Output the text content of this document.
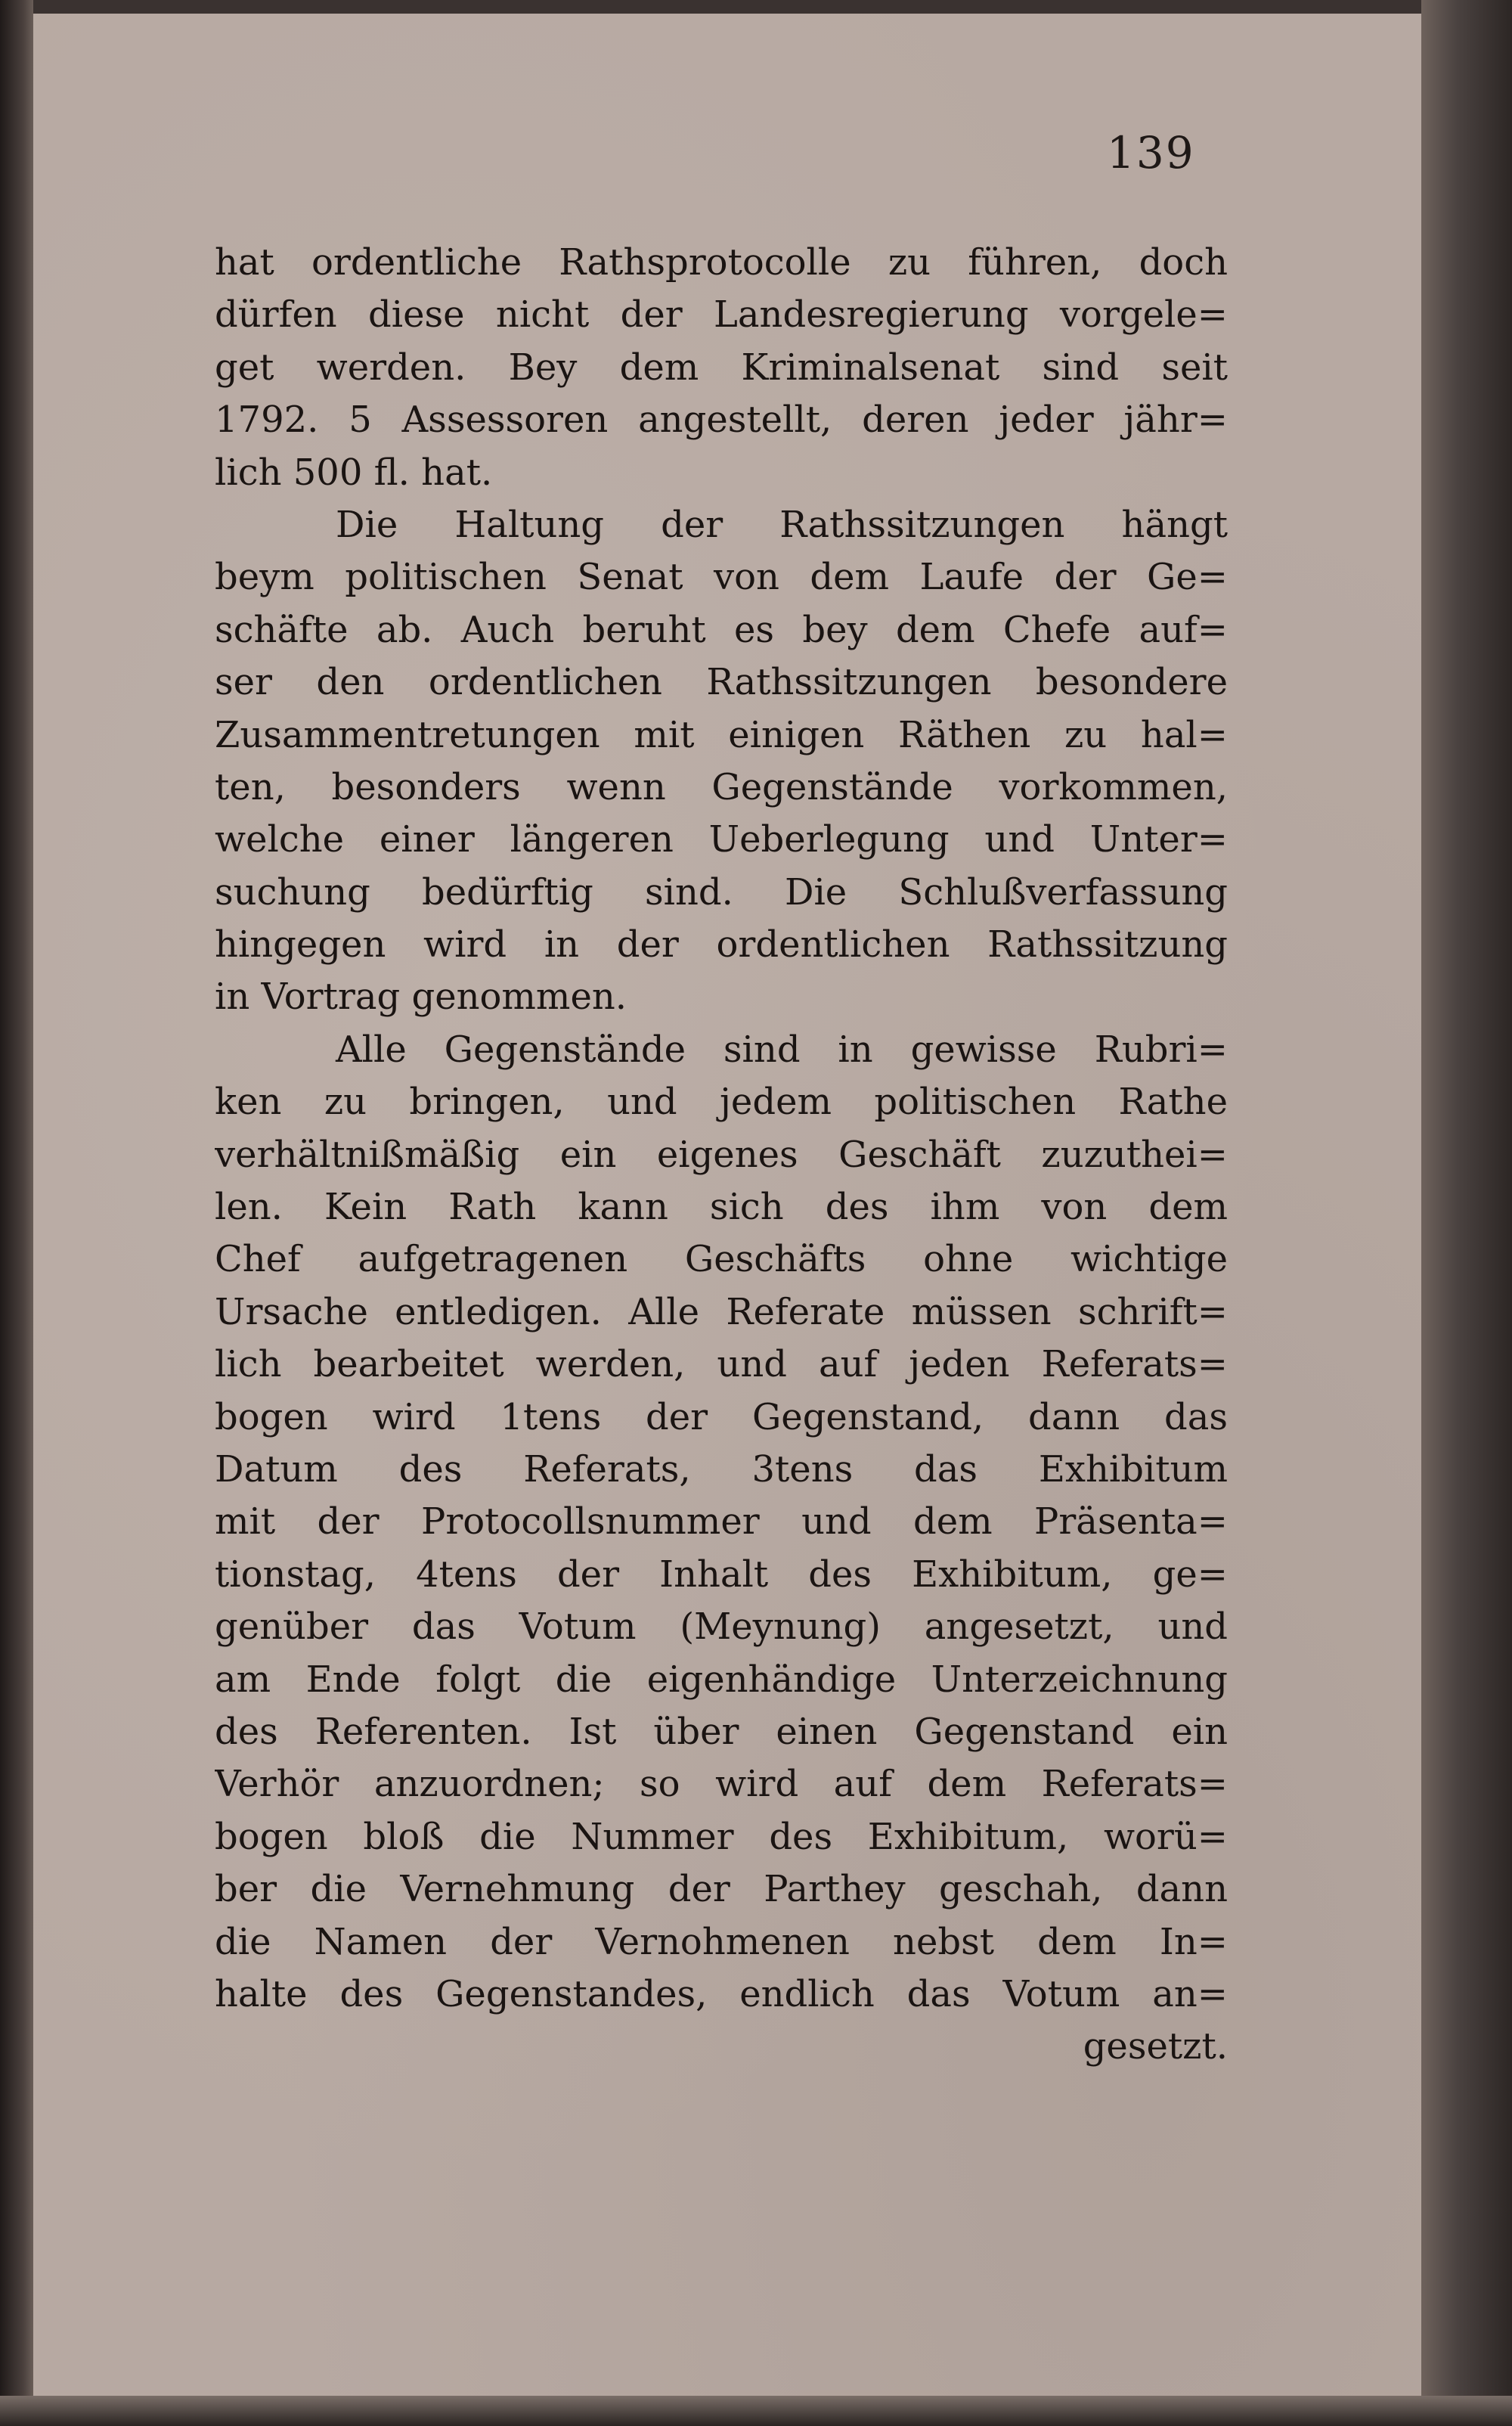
139
hat ordentliche Rathsprotocolle zu führen, doch
dürfen diese nicht der Landesregierung vorgele=
get werden. Bey dem Kriminalsenat sind seit
1792. 5 Assessoren angestellt, deren jeder jähr=
lich 500 fl. hat.
Die Haltung der Rathssitzungen hängt
beym politischen Senat von dem Laufe der Ge=
schäfte ab. Auch beruht es bey dem Chefe auf=
ser den ordentlichen Rathssitzungen besondere
Zusammentretungen mit einigen Räthen zu hal=
ten, besonders wenn Gegenstände vorkommen,
welche einer längeren Ueberlegung und Unter=
suchung bedürftig sind. Die Schlußverfassung
hingegen wird in der ordentlichen Rathssitzung
in Vortrag genommen.
Alle Gegenstände sind in gewisse Rubri=
ken zu bringen, und jedem politischen Rathe
verhältnißmäßig ein eigenes Geschäft zuzuthei=
len. Kein Rath kann sich des ihm von dem
Chef aufgetragenen Geschäfts ohne wichtige
Ursache entledigen. Alle Referate müssen schrift=
lich bearbeitet werden, und auf jeden Referats=
bogen wird 1tens der Gegenstand, dann das
Datum des Referats, 3tens das Exhibitum
mit der Protocollsnummer und dem Präsenta=
tionstag, 4tens der Inhalt des Exhibitum, ge=
genüber das Votum (Meynung) angesetzt, und
am Ende folgt die eigenhändige Unterzeichnung
des Referenten. Ist über einen Gegenstand ein
Verhör anzuordnen; so wird auf dem Referats=
bogen bloß die Nummer des Exhibitum, worü=
ber die Vernehmung der Parthey geschah, dann
die Namen der Vernohmenen nebst dem In=
halte des Gegenstandes, endlich das Votum an=
gesetzt.
